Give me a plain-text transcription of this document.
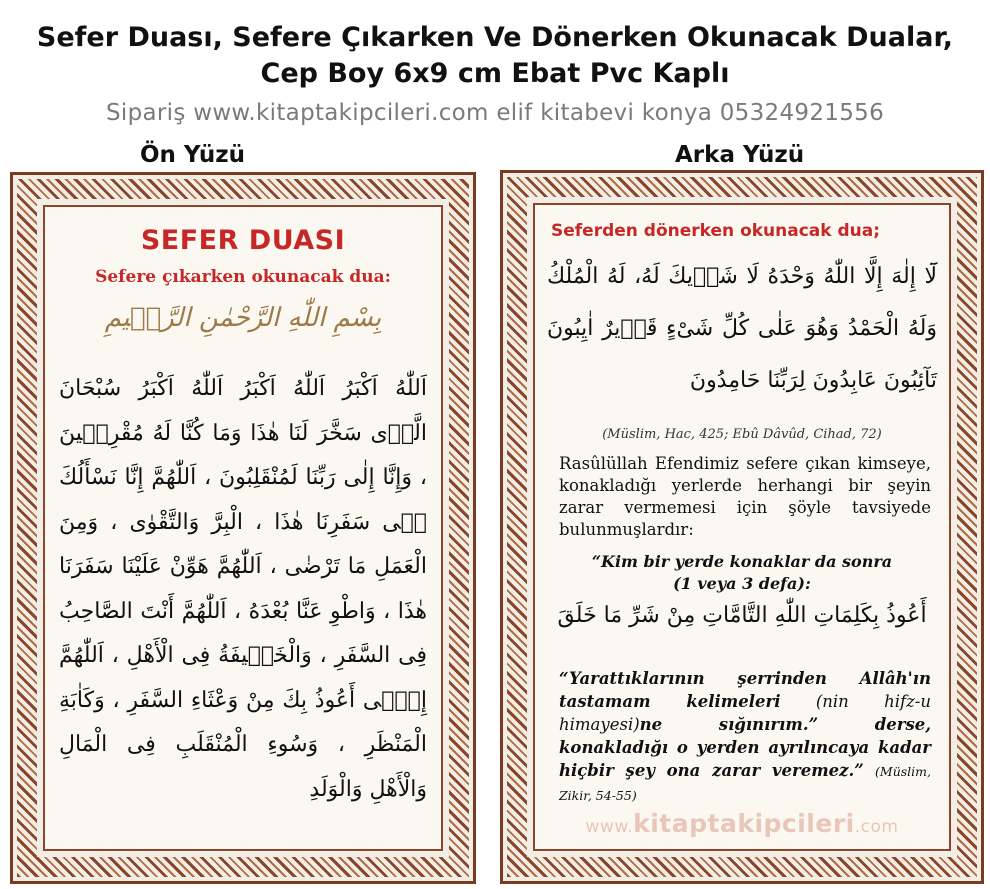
Sefer Duası, Sefere Çıkarken Ve Dönerken Okunacak Dualar,
Cep Boy 6x9 cm Ebat Pvc Kaplı
Sipariş www.kitaptakipcileri.com elif kitabevi konya 05324921556
Ön Yüzü	Arka Yüzü
SEFER DUASI
Sefere çıkarken okunacak dua:
بِسْمِ اللّٰهِ الرَّحْمٰنِ الرَّح۪يمِ
اَللّٰهُ اَكْبَرُ اَللّٰهُ اَكْبَرُ اَللّٰهُ اَكْبَرُ سُبْحَانَ الَّذ۪ى سَخَّرَ لَنَا هٰذَا وَمَا كُنَّا لَهُ مُقْرِن۪ينَ ، وَإِنَّا إِلٰى رَبِّنَا لَمُنْقَلِبُونَ ، اَللّٰهُمَّ إِنَّا نَسْأَلُكَ ف۪ى سَفَرِنَا هٰذَا ، الْبِرَّ وَالتَّقْوٰى ، وَمِنَ الْعَمَلِ مَا تَرْضٰى ، اَللّٰهُمَّ هَوِّنْ عَلَيْنَا سَفَرَنَا هٰذَا ، وَاطْوِ عَنَّا بُعْدَهُ ، اَللّٰهُمَّ أَنْتَ الصَّاحِبُ فِى السَّفَرِ ، وَالْخَل۪يفَةُ فِى الْأَهْلِ ، اَللّٰهُمَّ إِنّ۪ى أَعُوذُ بِكَ مِنْ وَعْثَاءِ السَّفَرِ ، وَكَاٰبَةِ الْمَنْظَرِ ، وَسُوءِ الْمُنْقَلَبِ فِى الْمَالِ وَالْأَهْلِ وَالْوَلَدِ
Seferden dönerken okunacak dua;
لَٓا إِلٰهَ إِلَّا اللّٰهُ وَحْدَهُ لَا شَر۪يكَ لَهُ، لَهُ الْمُلْكُ وَلَهُ الْحَمْدُ وَهُوَ عَلٰى كُلِّ شَىْءٍ قَد۪يرٌ اٰيِبُونَ تَآئِبُونَ عَابِدُونَ لِرَبِّنَا حَامِدُونَ
(Müslim, Hac, 425; Ebû Dâvûd, Cihad, 72)
Rasûlüllah Efendimiz sefere çıkan kimseye, konakladığı yerlerde herhangi bir şeyin zarar vermemesi için şöyle tavsiyede bulunmuşlardır:
“Kim bir yerde konaklar da sonra
(1 veya 3 defa):
أَعُوذُ بِكَلِمَاتِ اللّٰهِ التَّامَّاتِ مِنْ شَرِّ مَا خَلَقَ
“Yarattıklarının şerrinden Allâh'ın tastamam kelimeleri (nin hifz-u himayesi)ne sığınırım.” derse, konakladığı o yerden ayrılıncaya kadar hiçbir şey ona zarar veremez.” (Müslim, Zikir, 54-55)
www.kitaptakipcileri.com
